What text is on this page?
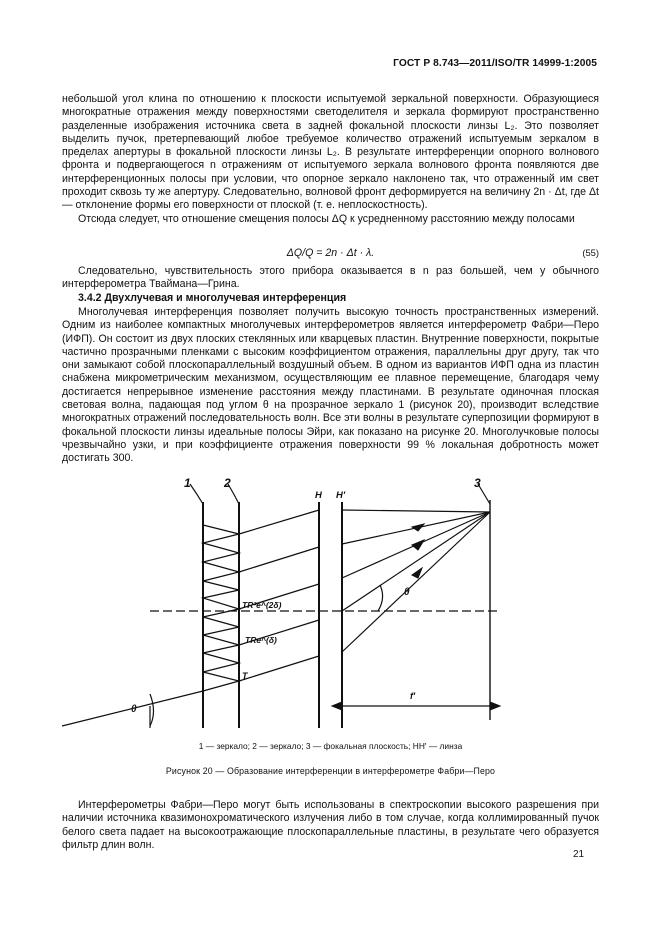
ГОСТ Р 8.743—2011/ISO/TR 14999-1:2005
небольшой угол клина по отношению к плоскости испытуемой зеркальной поверхности. Образующиеся многократные отражения между поверхностями светоделителя и зеркала формируют пространственно разделенные изображения источника света в задней фокальной плоскости линзы L₂. Это позволяет выделить пучок, претерпевающий любое требуемое количество отражений испытуемым зеркалом в пределах апертуры в фокальной плоскости линзы L₂. В результате интерференции опорного волнового фронта и подвергающегося n отражениям от испытуемого зеркала волнового фронта появляются две интерференционных полосы при условии, что опорное зеркало наклонено так, что отраженный им свет проходит сквозь ту же апертуру. Следовательно, волновой фронт деформируется на величину 2n · Δt, где Δt — отклонение формы его поверхности от плоской (т. е. неплоскостность).
Отсюда следует, что отношение смещения полосы ΔQ к усредненному расстоянию между полосами
ΔQ/Q = 2n · Δt · λ.	(55)
Следовательно, чувствительность этого прибора оказывается в n раз большей, чем у обычного интерферометра Тваймана—Грина.
3.4.2 Двухлучевая и многолучевая интерференция
Многолучевая интерференция позволяет получить высокую точность пространственных измерений. Одним из наиболее компактных многолучевых интерферометров является интерферометр Фабри—Перо (ИФП). Он состоит из двух плоских стеклянных или кварцевых пластин. Внутренние поверхности, покрытые частично прозрачными пленками с высоким коэффициентом отражения, параллельны друг другу, так что они замыкают собой плоскопараллельный воздушный объем. В одном из вариантов ИФП одна из пластин снабжена микрометрическим механизмом, осуществляющим ее плавное перемещение, благодаря чему достигается непрерывное изменение расстояния между пластинами. В результате одиночная плоская световая волна, падающая под углом θ на прозрачное зеркало 1 (рисунок 20), производит вследствие многократных отражений последовательность волн. Все эти волны в результате суперпозиции формируют в фокальной плоскости линзы идеальные полосы Эйри, как показано на рисунке 20. Многолучковые полосы чрезвычайно узки, и при коэффициенте отражения поверхности 99 % локальная добротность может достигать 300.
1	2	3
H H'
θ
θ
TR²e^(2δ)
TRe^(δ)
T
f'
1 — зеркало; 2 — зеркало; 3 — фокальная плоскость; HH' — линза
Рисунок 20 — Образование интерференции в интерферометре Фабри—Перо
Интерферометры Фабри—Перо могут быть использованы в спектроскопии высокого разрешения при наличии источника квазимонохроматического излучения либо в том случае, когда коллимированный пучок белого света падает на высокоотражающие плоскопараллельные пластины, в результате чего образуется фильтр длин волн.
21
